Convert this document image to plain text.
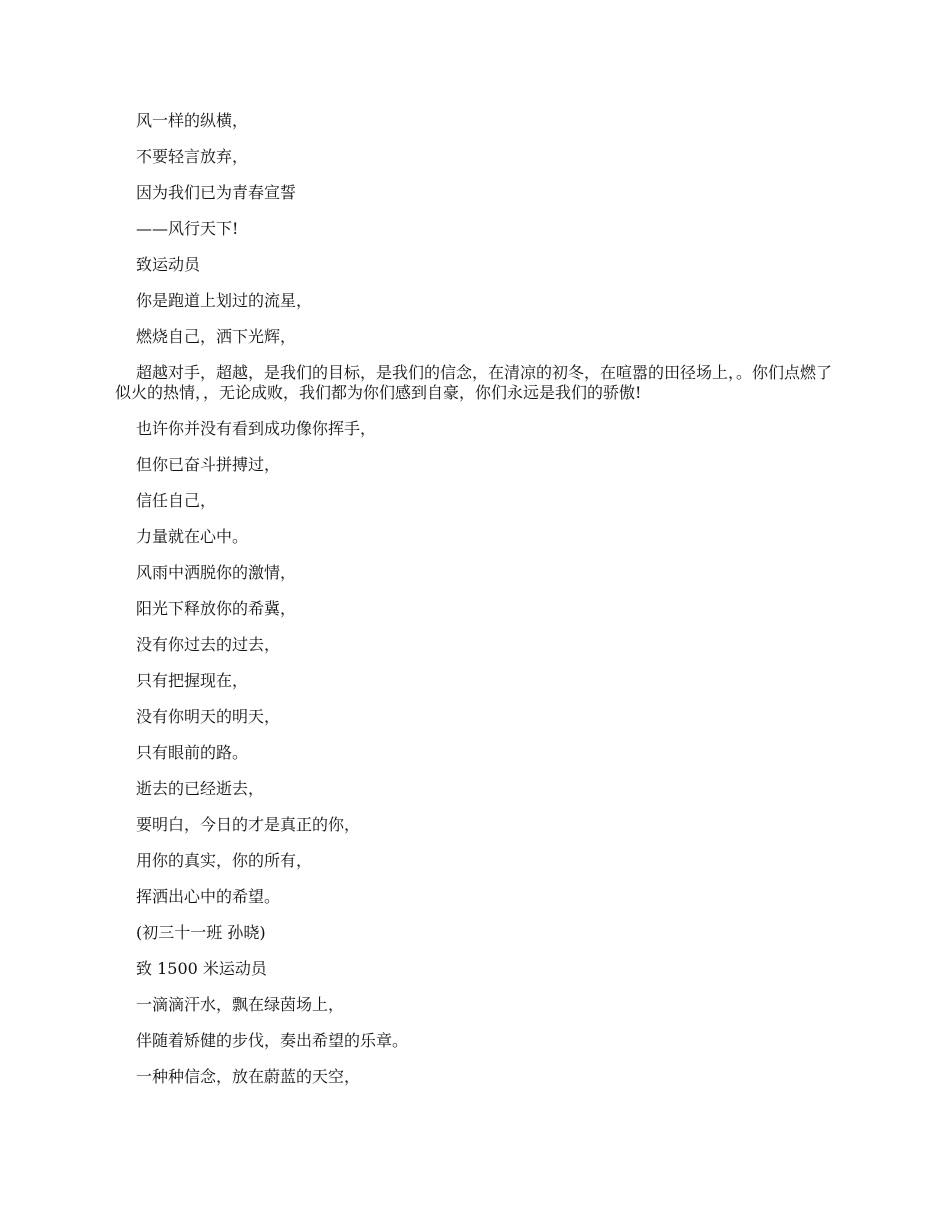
风一样的纵横，

不要轻言放弃，

因为我们已为青春宣誓

——风行天下!

致运动员

你是跑道上划过的流星，

燃烧自己，洒下光辉，

超越对手，超越，是我们的目标，是我们的信念，在清凉的初冬，在喧嚣的田径场上，。你们点燃了似火的热情，，无论成败，我们都为你们感到自豪，你们永远是我们的骄傲!

也许你并没有看到成功像你挥手，

但你已奋斗拼搏过，

信任自己，

力量就在心中。

风雨中洒脱你的激情，

阳光下释放你的希冀，

没有你过去的过去，

只有把握现在，

没有你明天的明天，

只有眼前的路。

逝去的已经逝去，

要明白，今日的才是真正的你，

用你的真实，你的所有，

挥洒出心中的希望。

(初三十一班 孙晓)

致 1500 米运动员

一滴滴汗水，飘在绿茵场上，

伴随着矫健的步伐，奏出希望的乐章。

一种种信念，放在蔚蓝的天空，
